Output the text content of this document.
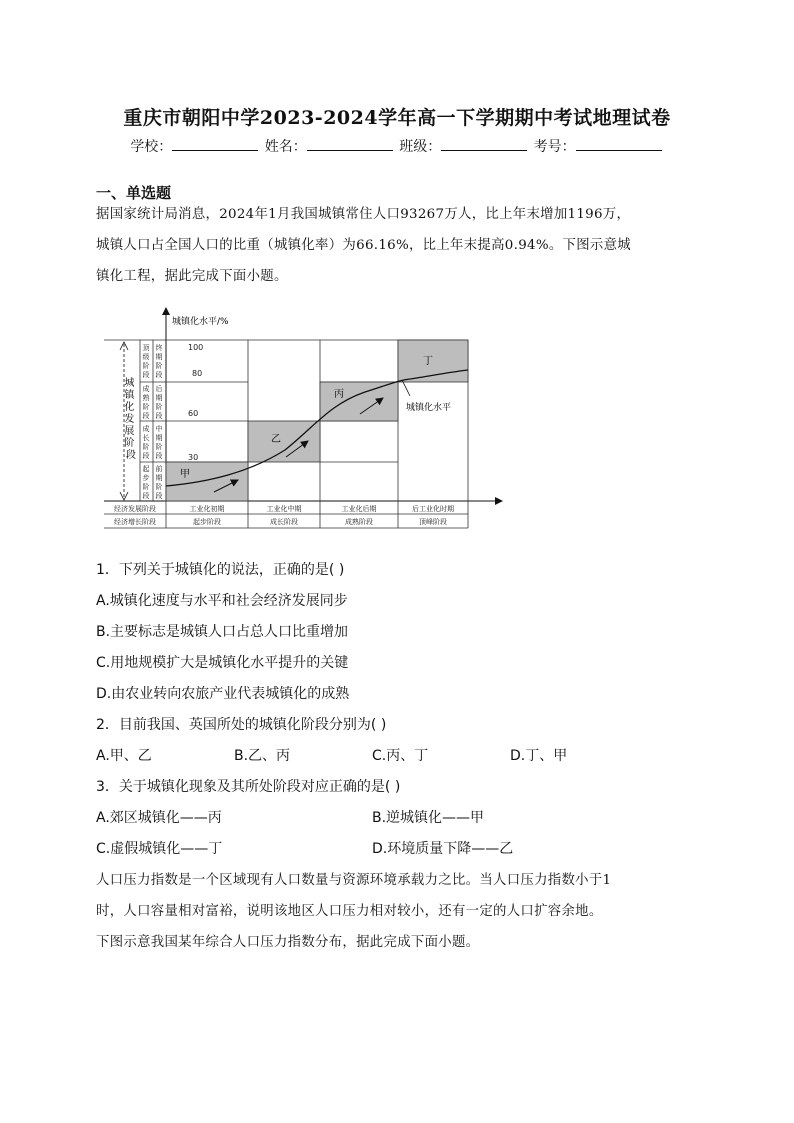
重庆市朝阳中学2023-2024学年高一下学期期中考试地理试卷
学校：	姓名：	班级：	考号：
一、单选题
据国家统计局消息，2024年1月我国城镇常住人口93267万人，比上年末增加1196万，
城镇人口占全国人口的比重（城镇化率）为66.16%，比上年末提高0.94%。下图示意城
镇化工程，据此完成下面小题。
城镇化水平/%
甲
乙
丙
丁
城 镇 化 发 展 阶 段
顶级阶段
终期阶段
成熟阶段
后期阶段
成长阶段
中期阶段
起步阶段
前期阶段
100
80
60
30
城镇化水平
经济发展阶段	工业化初期	工业化中期	工业化后期	后工业化时期
经济增长阶段	起步阶段	成长阶段	成熟阶段	顶峰阶段
1．下列关于城镇化的说法，正确的是( )
A.城镇化速度与水平和社会经济发展同步
B.主要标志是城镇人口占总人口比重增加
C.用地规模扩大是城镇化水平提升的关键
D.由农业转向农旅产业代表城镇化的成熟
2．目前我国、英国所处的城镇化阶段分别为( )
A.甲、乙	B.乙、丙	C.丙、丁	D.丁、甲
3．关于城镇化现象及其所处阶段对应正确的是( )
A.郊区城镇化——丙	B.逆城镇化——甲
C.虚假城镇化——丁	D.环境质量下降——乙
人口压力指数是一个区域现有人口数量与资源环境承载力之比。当人口压力指数小于1
时，人口容量相对富裕，说明该地区人口压力相对较小，还有一定的人口扩容余地。
下图示意我国某年综合人口压力指数分布，据此完成下面小题。
